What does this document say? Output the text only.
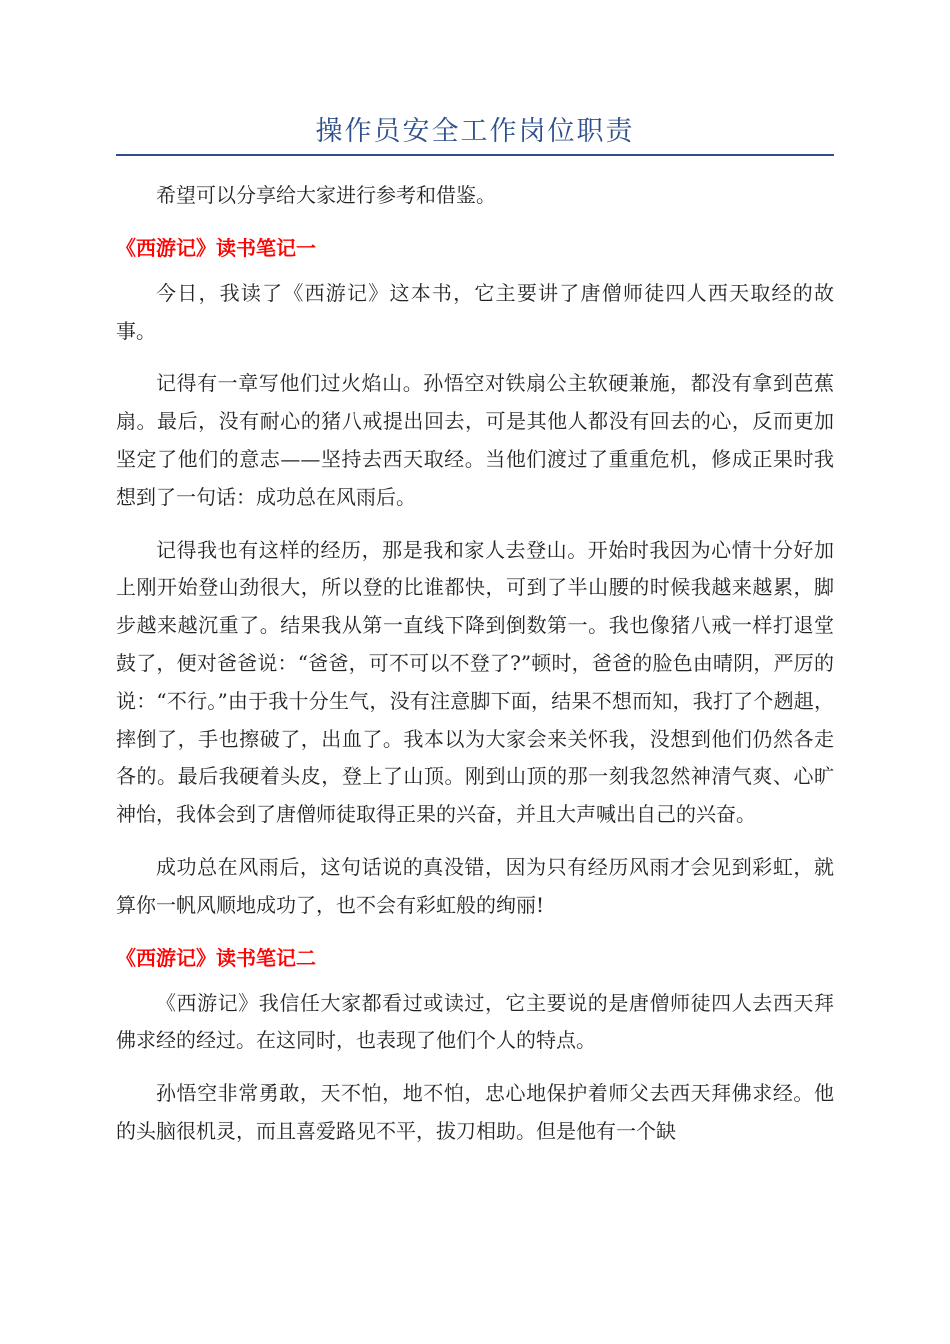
操作员安全工作岗位职责

希望可以分享给大家进行参考和借鉴。

《西游记》读书笔记一

今日，我读了《西游记》这本书，它主要讲了唐僧师徒四人西天取经的故事。

记得有一章写他们过火焰山。孙悟空对铁扇公主软硬兼施，都没有拿到芭蕉扇。最后，没有耐心的猪八戒提出回去，可是其他人都没有回去的心，反而更加坚定了他们的意志——坚持去西天取经。当他们渡过了重重危机，修成正果时我想到了一句话：成功总在风雨后。

记得我也有这样的经历，那是我和家人去登山。开始时我因为心情十分好加上刚开始登山劲很大，所以登的比谁都快，可到了半山腰的时候我越来越累，脚步越来越沉重了。结果我从第一直线下降到倒数第一。我也像猪八戒一样打退堂鼓了，便对爸爸说：“爸爸，可不可以不登了?”顿时，爸爸的脸色由晴阴，严厉的说：“不行。”由于我十分生气，没有注意脚下面，结果不想而知，我打了个趔趄，摔倒了，手也擦破了，出血了。我本以为大家会来关怀我，没想到他们仍然各走各的。最后我硬着头皮，登上了山顶。刚到山顶的那一刻我忽然神清气爽、心旷神怡，我体会到了唐僧师徒取得正果的兴奋，并且大声喊出自己的兴奋。

成功总在风雨后，这句话说的真没错，因为只有经历风雨才会见到彩虹，就算你一帆风顺地成功了，也不会有彩虹般的绚丽!

《西游记》读书笔记二

《西游记》我信任大家都看过或读过，它主要说的是唐僧师徒四人去西天拜佛求经的经过。在这同时，也表现了他们个人的特点。

孙悟空非常勇敢，天不怕，地不怕，忠心地保护着师父去西天拜佛求经。他的头脑很机灵，而且喜爱路见不平，拔刀相助。但是他有一个缺
